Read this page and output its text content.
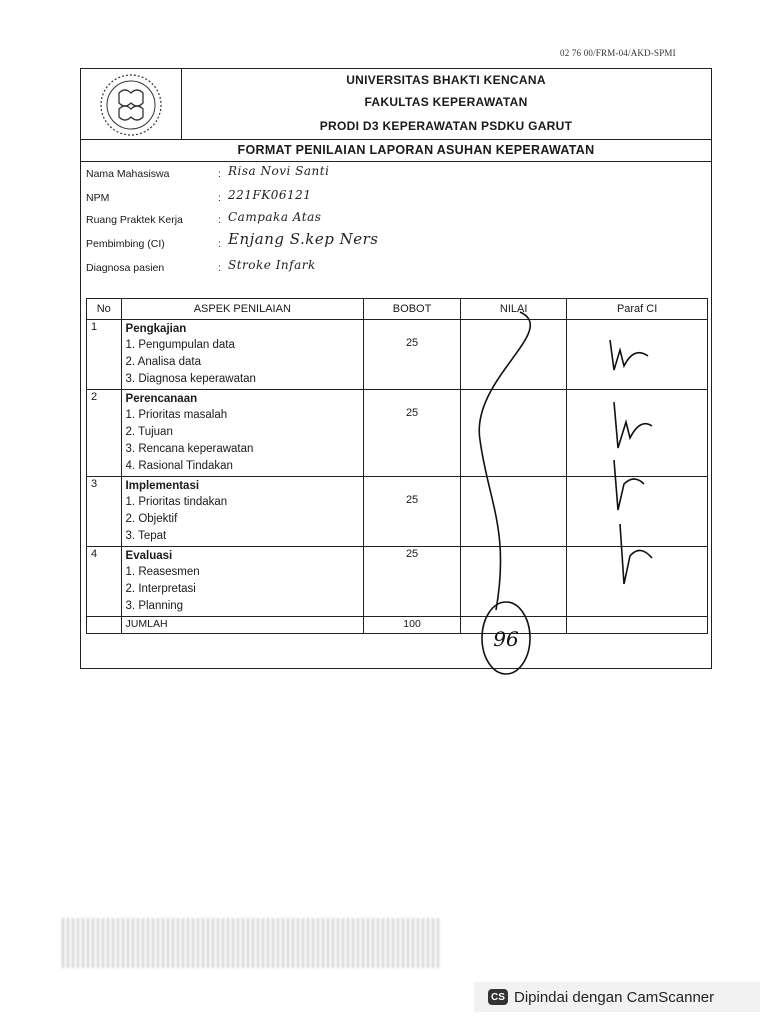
02 76 00/FRM-04/AKD-SPMI
UNIVERSITAS BHAKTI KENCANA
FAKULTAS KEPERAWATAN
PRODI D3 KEPERAWATAN PSDKU GARUT
FORMAT PENILAIAN LAPORAN ASUHAN KEPERAWATAN
Nama Mahasiswa	: Risa Novi Santi
NPM	: 221FK06121
Ruang Praktek Kerja	: Campaka Atas
Pembimbing (CI)	: Enjang S.kep Ners
Diagnosa pasien	: Stroke Infark
No	ASPEK PENILAIAN	BOBOT	NILAI	Paraf CI
1	Pengkajian
1. Pengumpulan data
2. Analisa data
3. Diagnosa keperawatan	25		

2	Perencanaan
1. Prioritas masalah
2. Tujuan
3. Rencana keperawatan
4. Rasional Tindakan	25		

3	Implementasi
1. Prioritas tindakan
2. Objektif
3. Tepat	25		

4	Evaluasi
1. Reasesmen
2. Interpretasi
3. Planning	25		

	JUMLAH	100		
96
CS Dipindai dengan CamScanner
